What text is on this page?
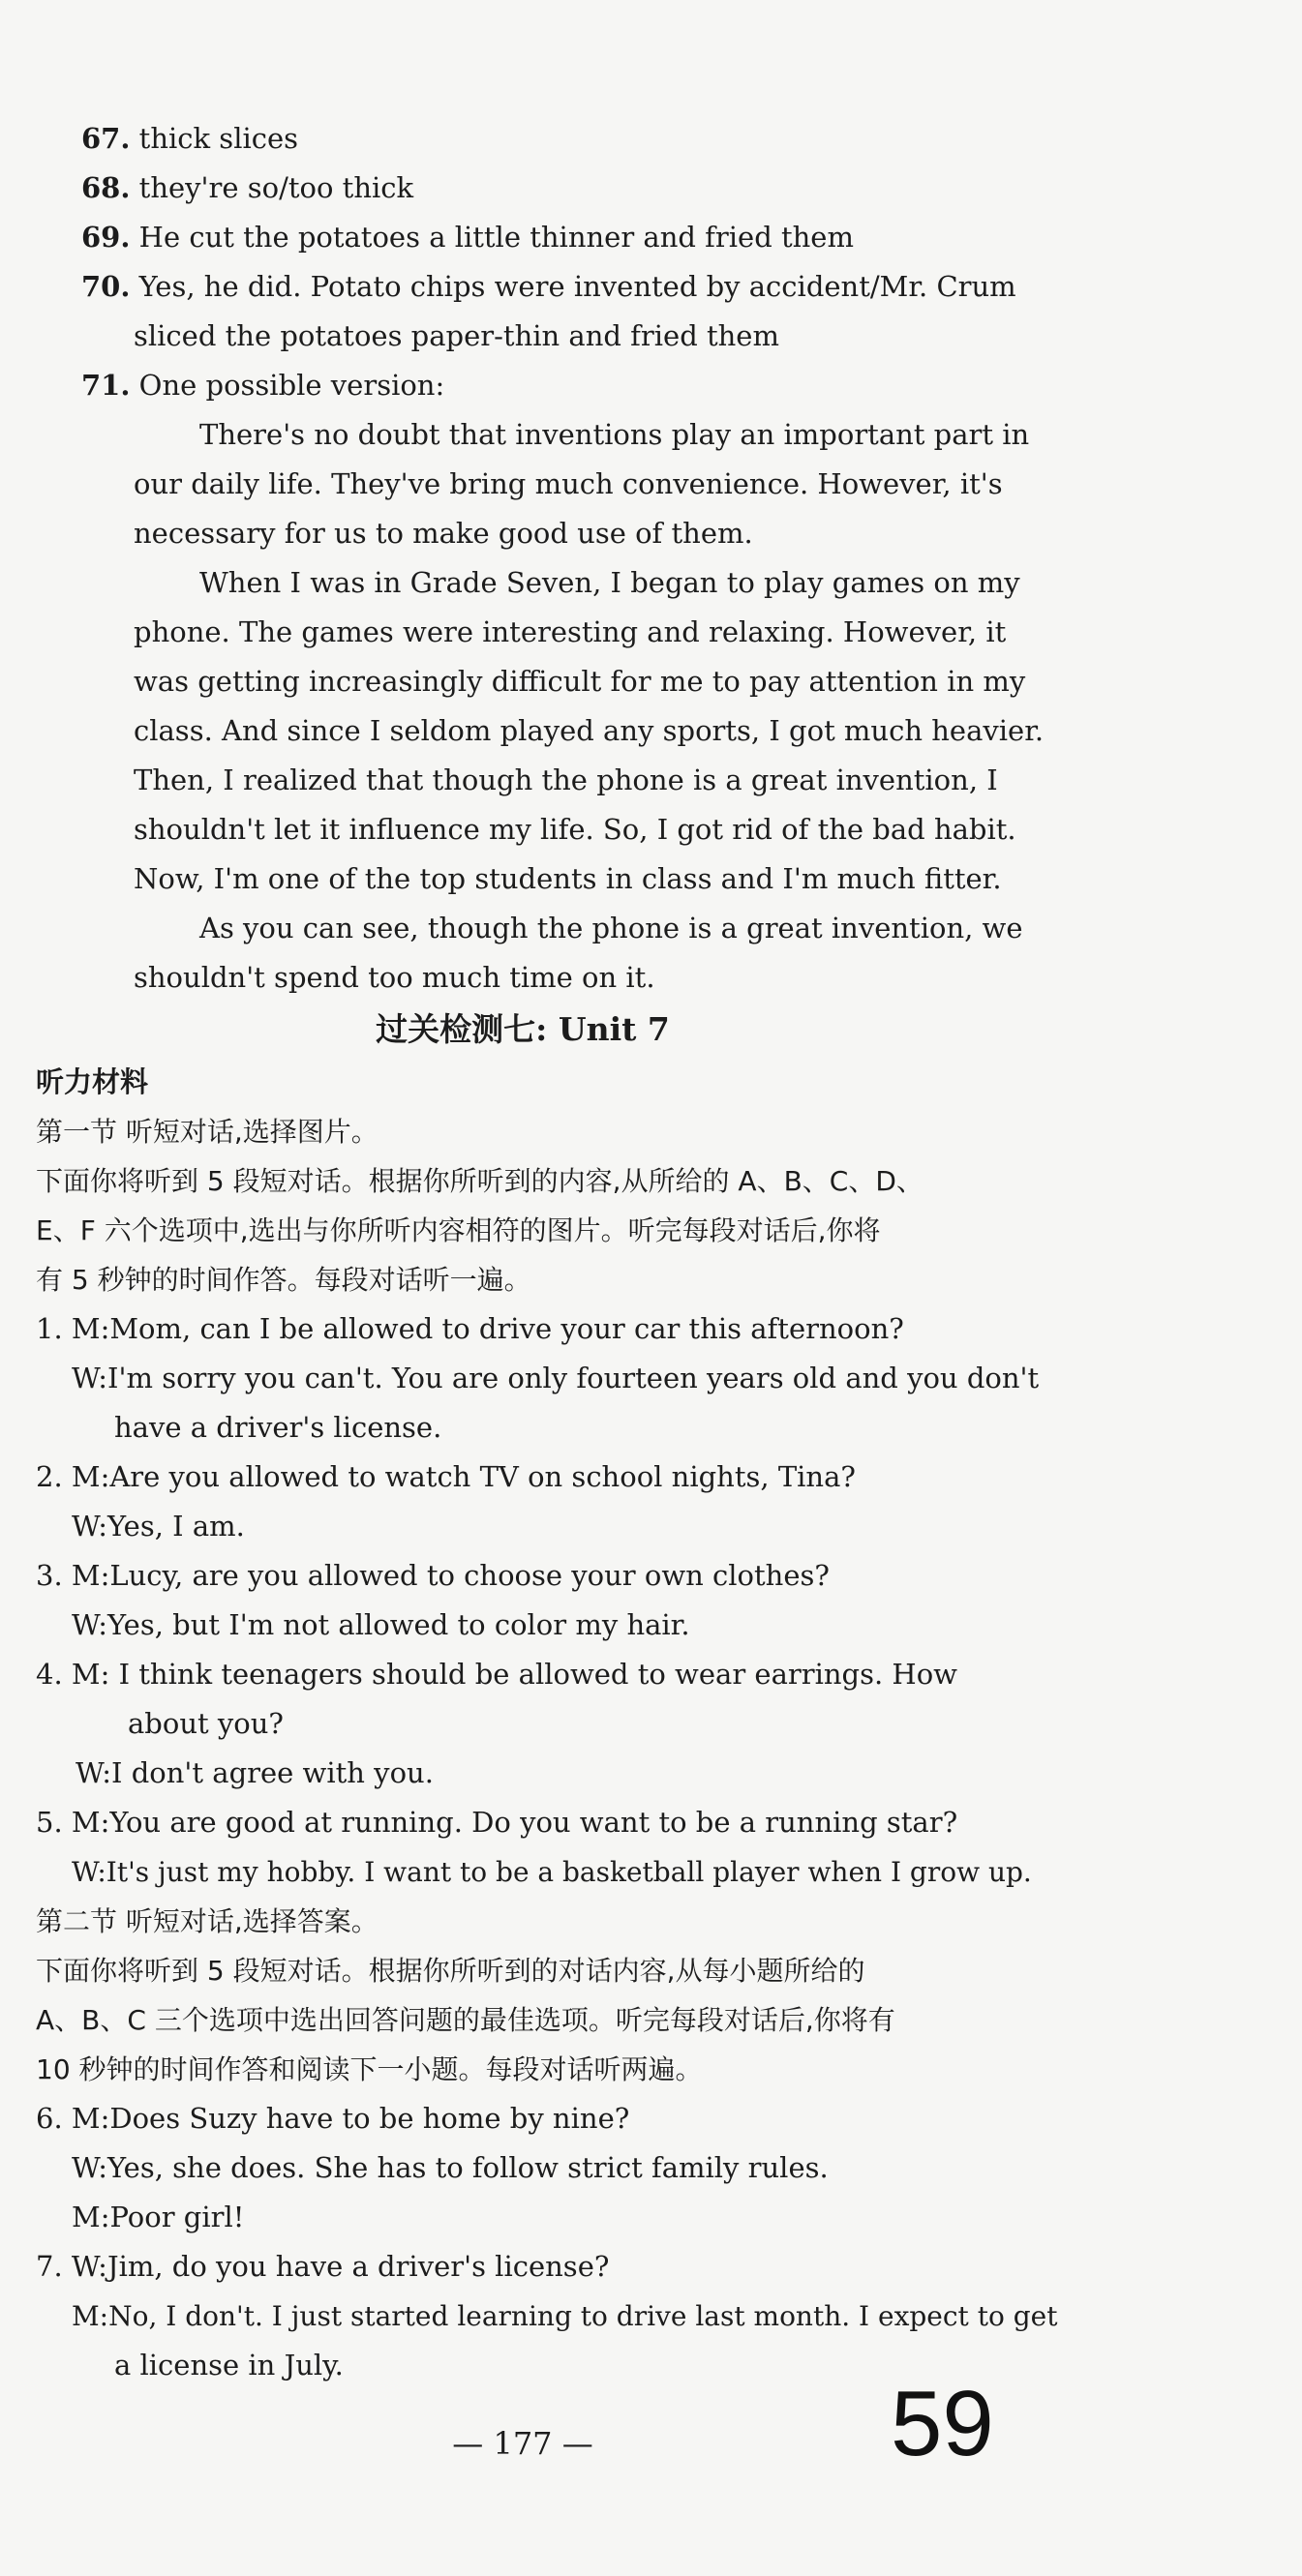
67. thick slices
68. they're so/too thick
69. He cut the potatoes a little thinner and fried them
70. Yes, he did. Potato chips were invented by accident/Mr. Crum
sliced the potatoes paper-thin and fried them
71. One possible version:
There's no doubt that inventions play an important part in
our daily life. They've bring much convenience. However, it's
necessary for us to make good use of them.
When I was in Grade Seven, I began to play games on my
phone. The games were interesting and relaxing. However, it
was getting increasingly difficult for me to pay attention in my
class. And since I seldom played any sports, I got much heavier.
Then, I realized that though the phone is a great invention, I
shouldn't let it influence my life. So, I got rid of the bad habit.
Now, I'm one of the top students in class and I'm much fitter.
As you can see, though the phone is a great invention, we
shouldn't spend too much time on it.
过关检测七: Unit 7
听力材料
第一节 听短对话,选择图片。
下面你将听到 5 段短对话。根据你所听到的内容,从所给的 A、B、C、D、
E、F 六个选项中,选出与你所听内容相符的图片。听完每段对话后,你将
有 5 秒钟的时间作答。每段对话听一遍。
1. M:Mom, can I be allowed to drive your car this afternoon?
W:I'm sorry you can't. You are only fourteen years old and you don't
have a driver's license.
2. M:Are you allowed to watch TV on school nights, Tina?
W:Yes, I am.
3. M:Lucy, are you allowed to choose your own clothes?
W:Yes, but I'm not allowed to color my hair.
4. M: I think teenagers should be allowed to wear earrings. How
about you?
W:I don't agree with you.
5. M:You are good at running. Do you want to be a running star?
W:It's just my hobby. I want to be a basketball player when I grow up.
第二节 听短对话,选择答案。
下面你将听到 5 段短对话。根据你所听到的对话内容,从每小题所给的
A、B、C 三个选项中选出回答问题的最佳选项。听完每段对话后,你将有
10 秒钟的时间作答和阅读下一小题。每段对话听两遍。
6. M:Does Suzy have to be home by nine?
W:Yes, she does. She has to follow strict family rules.
M:Poor girl!
7. W:Jim, do you have a driver's license?
M:No, I don't. I just started learning to drive last month. I expect to get
a license in July.
— 177 —	59
